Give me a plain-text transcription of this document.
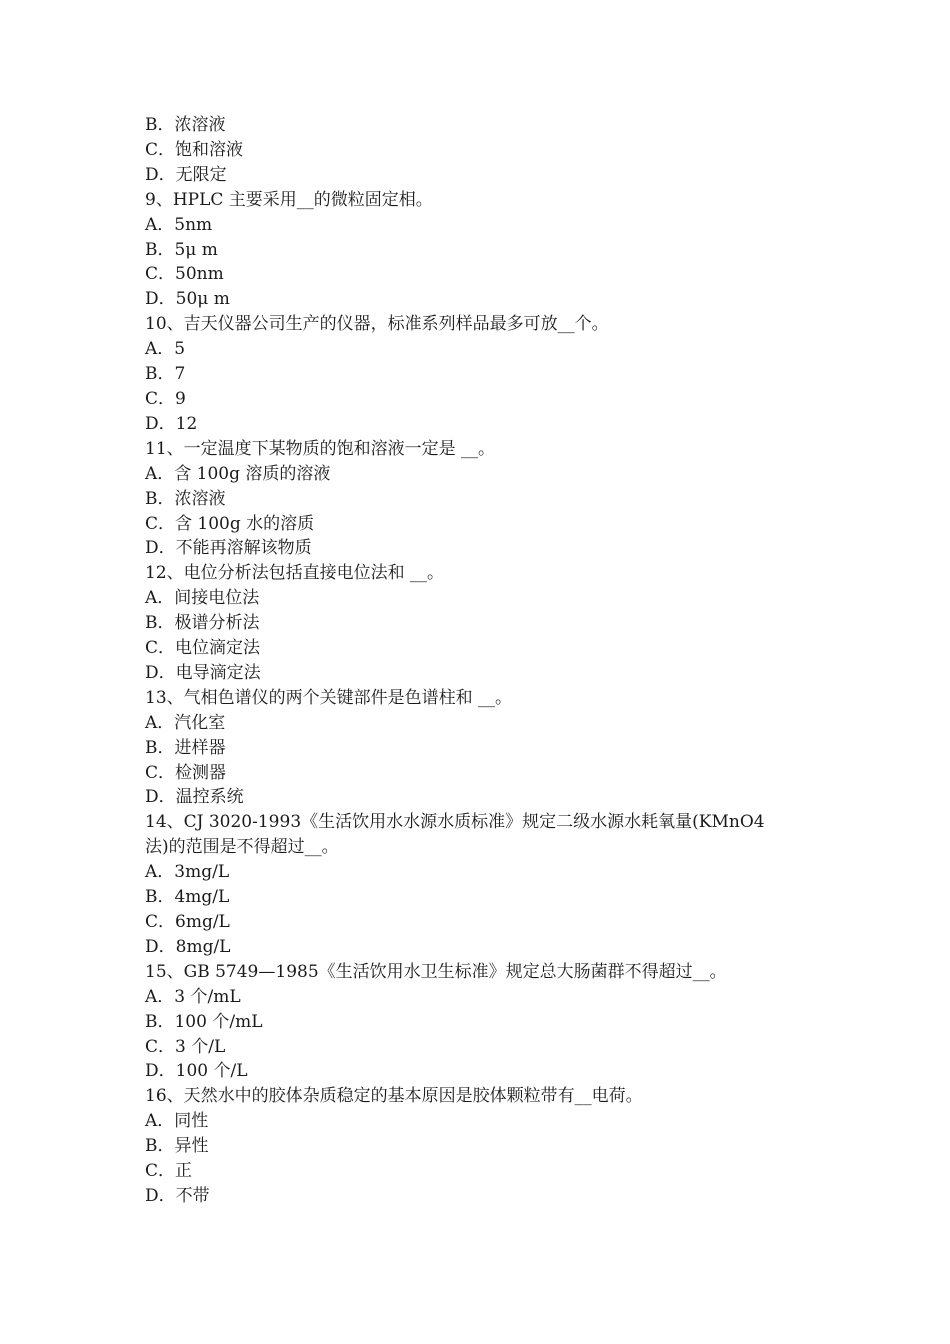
B．浓溶液
C．饱和溶液
D．无限定
9、HPLC 主要采用__的微粒固定相。
A．5nm
B．5μ m
C．50nm
D．50μ m
10、吉天仪器公司生产的仪器，标准系列样品最多可放__个。
A．5
B．7
C．9
D．12
11、一定温度下某物质的饱和溶液一定是 __。
A．含 100g 溶质的溶液
B．浓溶液
C．含 100g 水的溶质
D．不能再溶解该物质
12、电位分析法包括直接电位法和 __。
A．间接电位法
B．极谱分析法
C．电位滴定法
D．电导滴定法
13、气相色谱仪的两个关键部件是色谱柱和 __。
A．汽化室
B．进样器
C．检测器
D．温控系统
14、CJ 3020-1993《生活饮用水水源水质标准》规定二级水源水耗氧量(KMnO4
法)的范围是不得超过__。
A．3mg/L
B．4mg/L
C．6mg/L
D．8mg/L
15、GB 5749—1985《生活饮用水卫生标准》规定总大肠菌群不得超过__。
A．3 个/mL
B．100 个/mL
C．3 个/L
D．100 个/L
16、天然水中的胶体杂质稳定的基本原因是胶体颗粒带有__电荷。
A．同性
B．异性
C．正
D．不带
